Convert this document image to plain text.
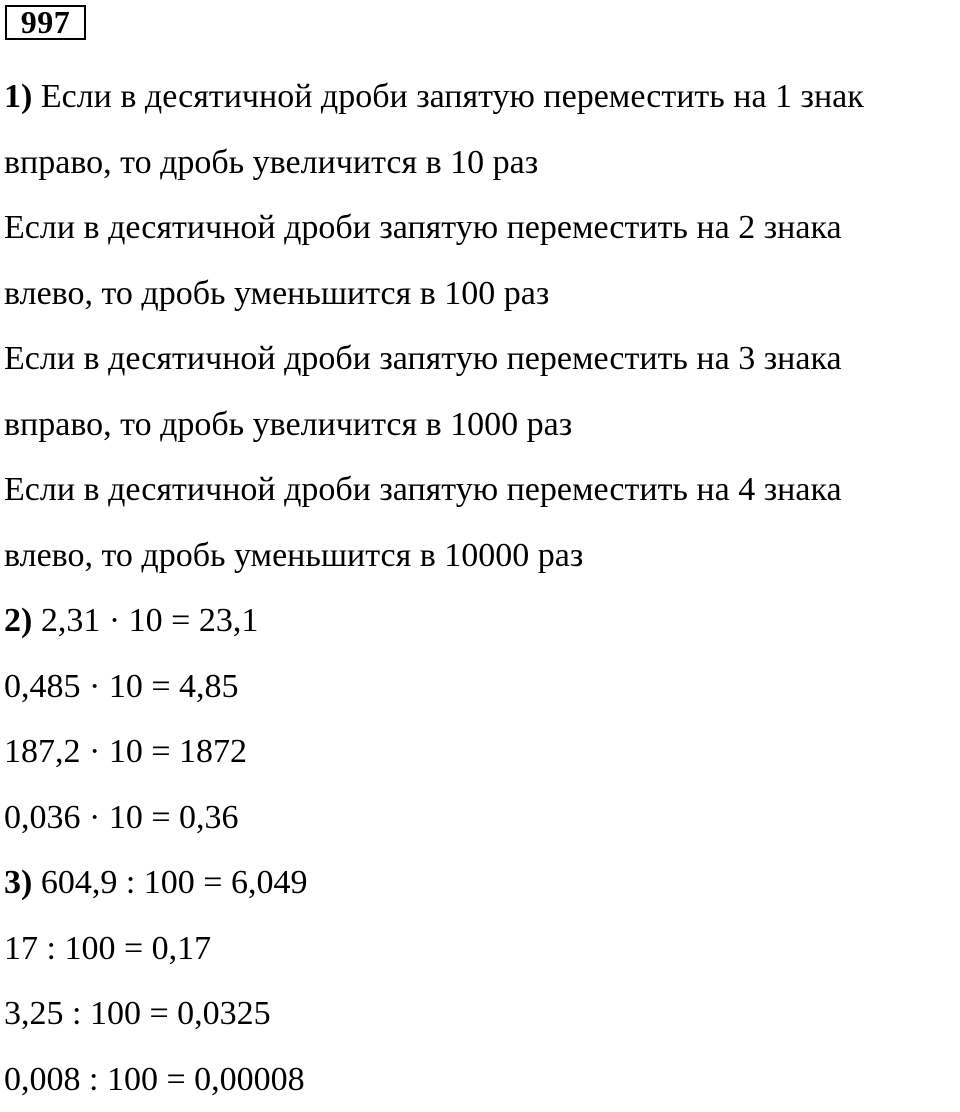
997
1) Если в десятичной дроби запятую переместить на 1 знак
вправо, то дробь увеличится в 10 раз
Если в десятичной дроби запятую переместить на 2 знака
влево, то дробь уменьшится в 100 раз
Если в десятичной дроби запятую переместить на 3 знака
вправо, то дробь увеличится в 1000 раз
Если в десятичной дроби запятую переместить на 4 знака
влево, то дробь уменьшится в 10000 раз
2) 2,31 · 10 = 23,1
0,485 · 10 = 4,85
187,2 · 10 = 1872
0,036 · 10 = 0,36
3) 604,9 : 100 = 6,049
17 : 100 = 0,17
3,25 : 100 = 0,0325
0,008 : 100 = 0,00008
